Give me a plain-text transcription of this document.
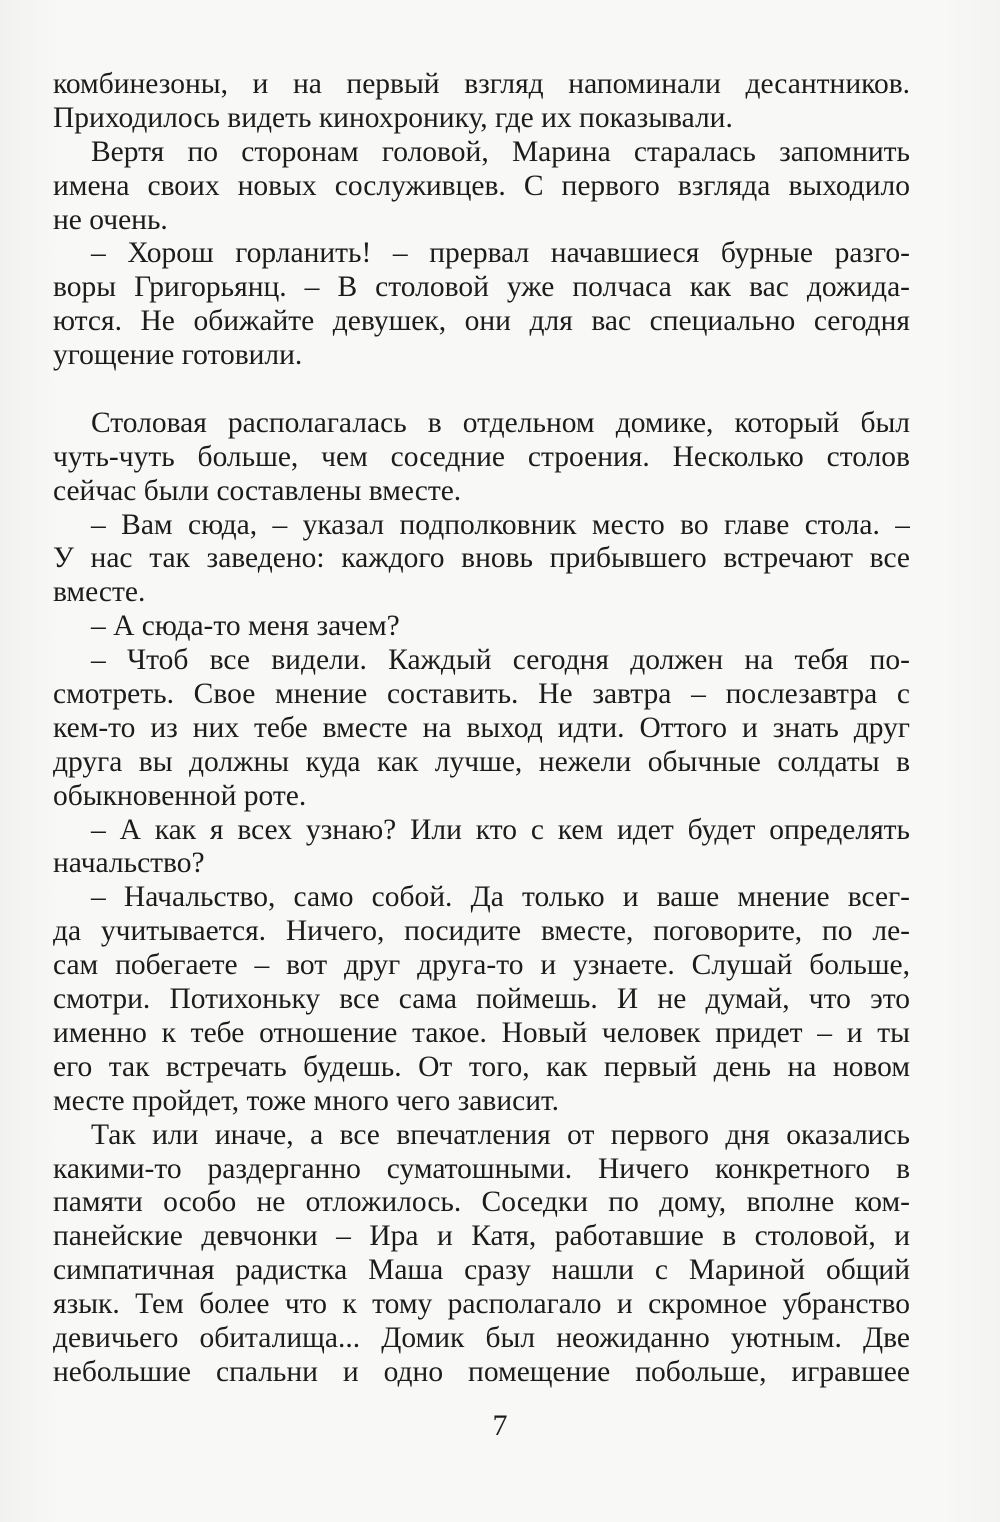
комбинезоны, и на первый взгляд напоминали десантников.
Приходилось видеть кинохронику, где их показывали.
Вертя по сторонам головой, Марина старалась запомнить
имена своих новых сослуживцев. С первого взгляда выходило
не очень.
– Хорош горланить! – прервал начавшиеся бурные разго-
воры Григорьянц. – В столовой уже полчаса как вас дожида-
ются. Не обижайте девушек, они для вас специально сегодня
угощение готовили.
Столовая располагалась в отдельном домике, который был
чуть-чуть больше, чем соседние строения. Несколько столов
сейчас были составлены вместе.
– Вам сюда, – указал подполковник место во главе стола. –
У нас так заведено: каждого вновь прибывшего встречают все
вместе.
– А сюда-то меня зачем?
– Чтоб все видели. Каждый сегодня должен на тебя по-
смотреть. Свое мнение составить. Не завтра – послезавтра с
кем-то из них тебе вместе на выход идти. Оттого и знать друг
друга вы должны куда как лучше, нежели обычные солдаты в
обыкновенной роте.
– А как я всех узнаю? Или кто с кем идет будет определять
начальство?
– Начальство, само собой. Да только и ваше мнение всег-
да учитывается. Ничего, посидите вместе, поговорите, по ле-
сам побегаете – вот друг друга-то и узнаете. Слушай больше,
смотри. Потихоньку все сама поймешь. И не думай, что это
именно к тебе отношение такое. Новый человек придет – и ты
его так встречать будешь. От того, как первый день на новом
месте пройдет, тоже много чего зависит.
Так или иначе, а все впечатления от первого дня оказались
какими-то раздерганно суматошными. Ничего конкретного в
памяти особо не отложилось. Соседки по дому, вполне ком-
панейские девчонки – Ира и Катя, работавшие в столовой, и
симпатичная радистка Маша сразу нашли с Мариной общий
язык. Тем более что к тому располагало и скромное убранство
девичьего обиталища... Домик был неожиданно уютным. Две
небольшие спальни и одно помещение побольше, игравшее
7
